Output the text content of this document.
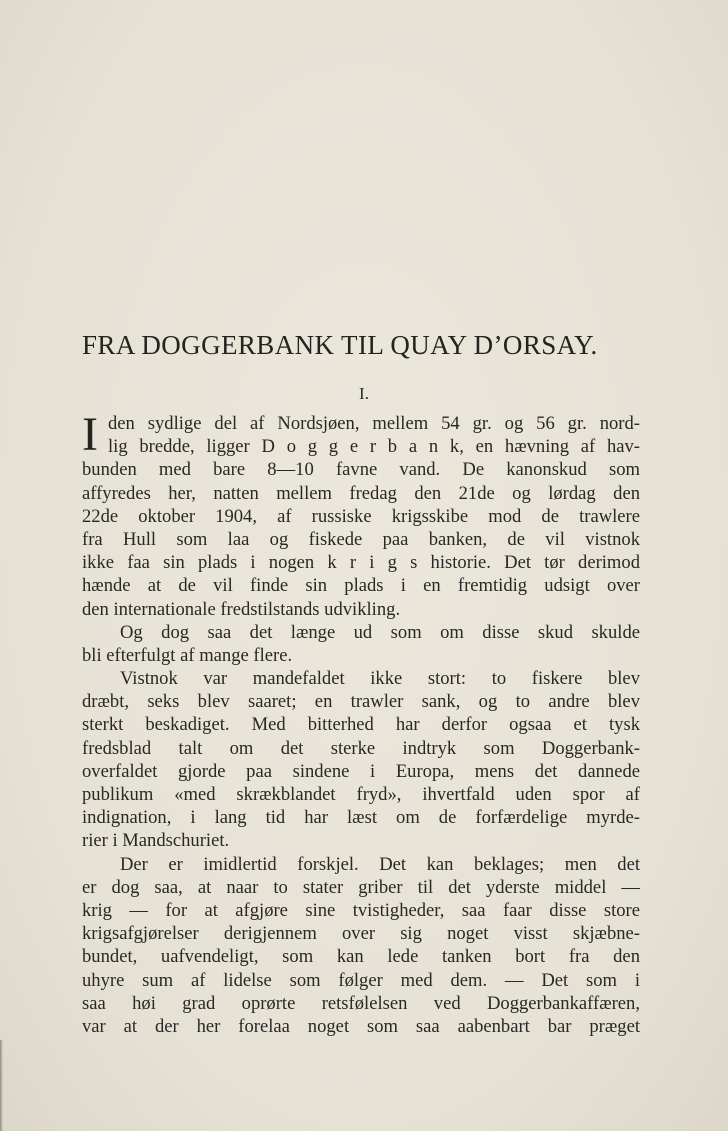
FRA DOGGERBANK TIL QUAY D’ORSAY.
I.
I den sydlige del af Nordsjøen, mellem 54 gr. og 56 gr. nord-
lig bredde, ligger D o g g e r b a n k, en hævning af hav-
bunden med bare 8—10 favne vand. De kanonskud som
affyredes her, natten mellem fredag den 21de og lørdag den
22de oktober 1904, af russiske krigsskibe mod de trawlere
fra Hull som laa og fiskede paa banken, de vil vistnok
ikke faa sin plads i nogen k r i g s historie. Det tør derimod
hænde at de vil finde sin plads i en fremtidig udsigt over
den internationale fredstilstands udvikling.
Og dog saa det længe ud som om disse skud skulde
bli efterfulgt af mange flere.
Vistnok var mandefaldet ikke stort: to fiskere blev
dræbt, seks blev saaret; en trawler sank, og to andre blev
sterkt beskadiget. Med bitterhed har derfor ogsaa et tysk
fredsblad talt om det sterke indtryk som Doggerbank-
overfaldet gjorde paa sindene i Europa, mens det dannede
publikum «med skrækblandet fryd», ihvertfald uden spor af
indignation, i lang tid har læst om de forfærdelige myrde-
rier i Mandschuriet.
Der er imidlertid forskjel. Det kan beklages; men det
er dog saa, at naar to stater griber til det yderste middel —
krig — for at afgjøre sine tvistigheder, saa faar disse store
krigsafgjørelser derigjennem over sig noget visst skjæbne-
bundet, uafvendeligt, som kan lede tanken bort fra den
uhyre sum af lidelse som følger med dem. — Det som i
saa høi grad oprørte retsfølelsen ved Doggerbankaffæren,
var at der her forelaa noget som saa aabenbart bar præget
